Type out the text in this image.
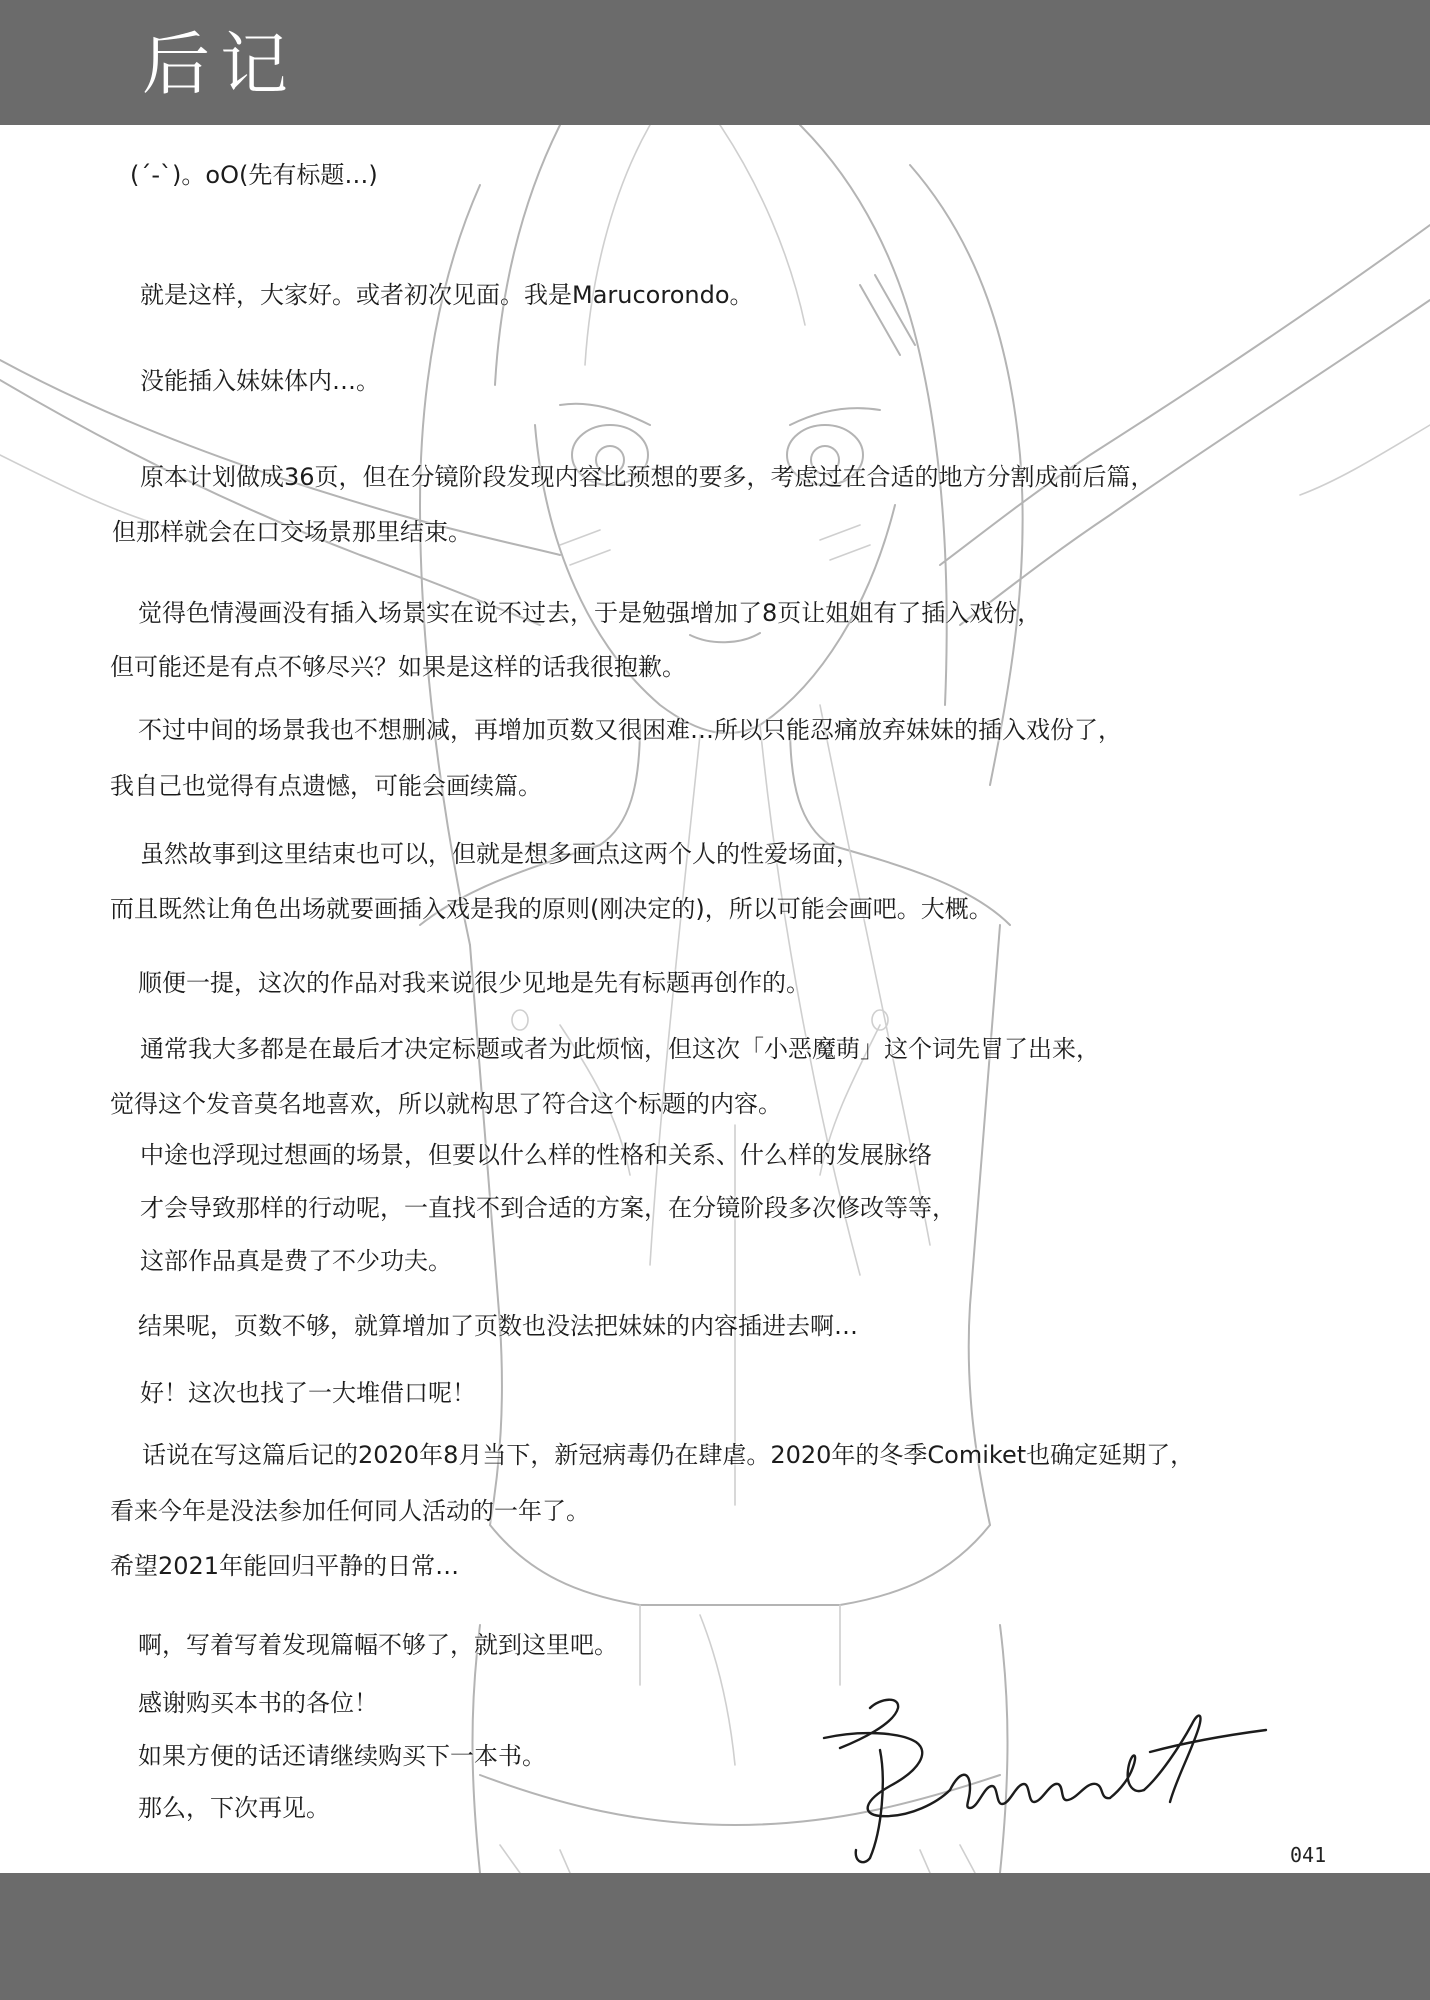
后记
(´-`)。oO(先有标题…)
就是这样，大家好。或者初次见面。我是Marucorondo。
没能插入妹妹体内…。
原本计划做成36页，但在分镜阶段发现内容比预想的要多，考虑过在合适的地方分割成前后篇，
但那样就会在口交场景那里结束。
觉得色情漫画没有插入场景实在说不过去，于是勉强增加了8页让姐姐有了插入戏份，
但可能还是有点不够尽兴？如果是这样的话我很抱歉。
不过中间的场景我也不想删减，再增加页数又很困难…所以只能忍痛放弃妹妹的插入戏份了，
我自己也觉得有点遗憾，可能会画续篇。
虽然故事到这里结束也可以，但就是想多画点这两个人的性爱场面，
而且既然让角色出场就要画插入戏是我的原则(刚决定的)，所以可能会画吧。大概。
顺便一提，这次的作品对我来说很少见地是先有标题再创作的。
通常我大多都是在最后才决定标题或者为此烦恼，但这次「小恶魔萌」这个词先冒了出来，
觉得这个发音莫名地喜欢，所以就构思了符合这个标题的内容。
中途也浮现过想画的场景，但要以什么样的性格和关系、什么样的发展脉络
才会导致那样的行动呢，一直找不到合适的方案，在分镜阶段多次修改等等，
这部作品真是费了不少功夫。
结果呢，页数不够，就算增加了页数也没法把妹妹的内容插进去啊…
好！这次也找了一大堆借口呢！
话说在写这篇后记的2020年8月当下，新冠病毒仍在肆虐。2020年的冬季Comiket也确定延期了，
看来今年是没法参加任何同人活动的一年了。
希望2021年能回归平静的日常…
啊，写着写着发现篇幅不够了，就到这里吧。
感谢购买本书的各位！
如果方便的话还请继续购买下一本书。
那么，下次再见。
041
